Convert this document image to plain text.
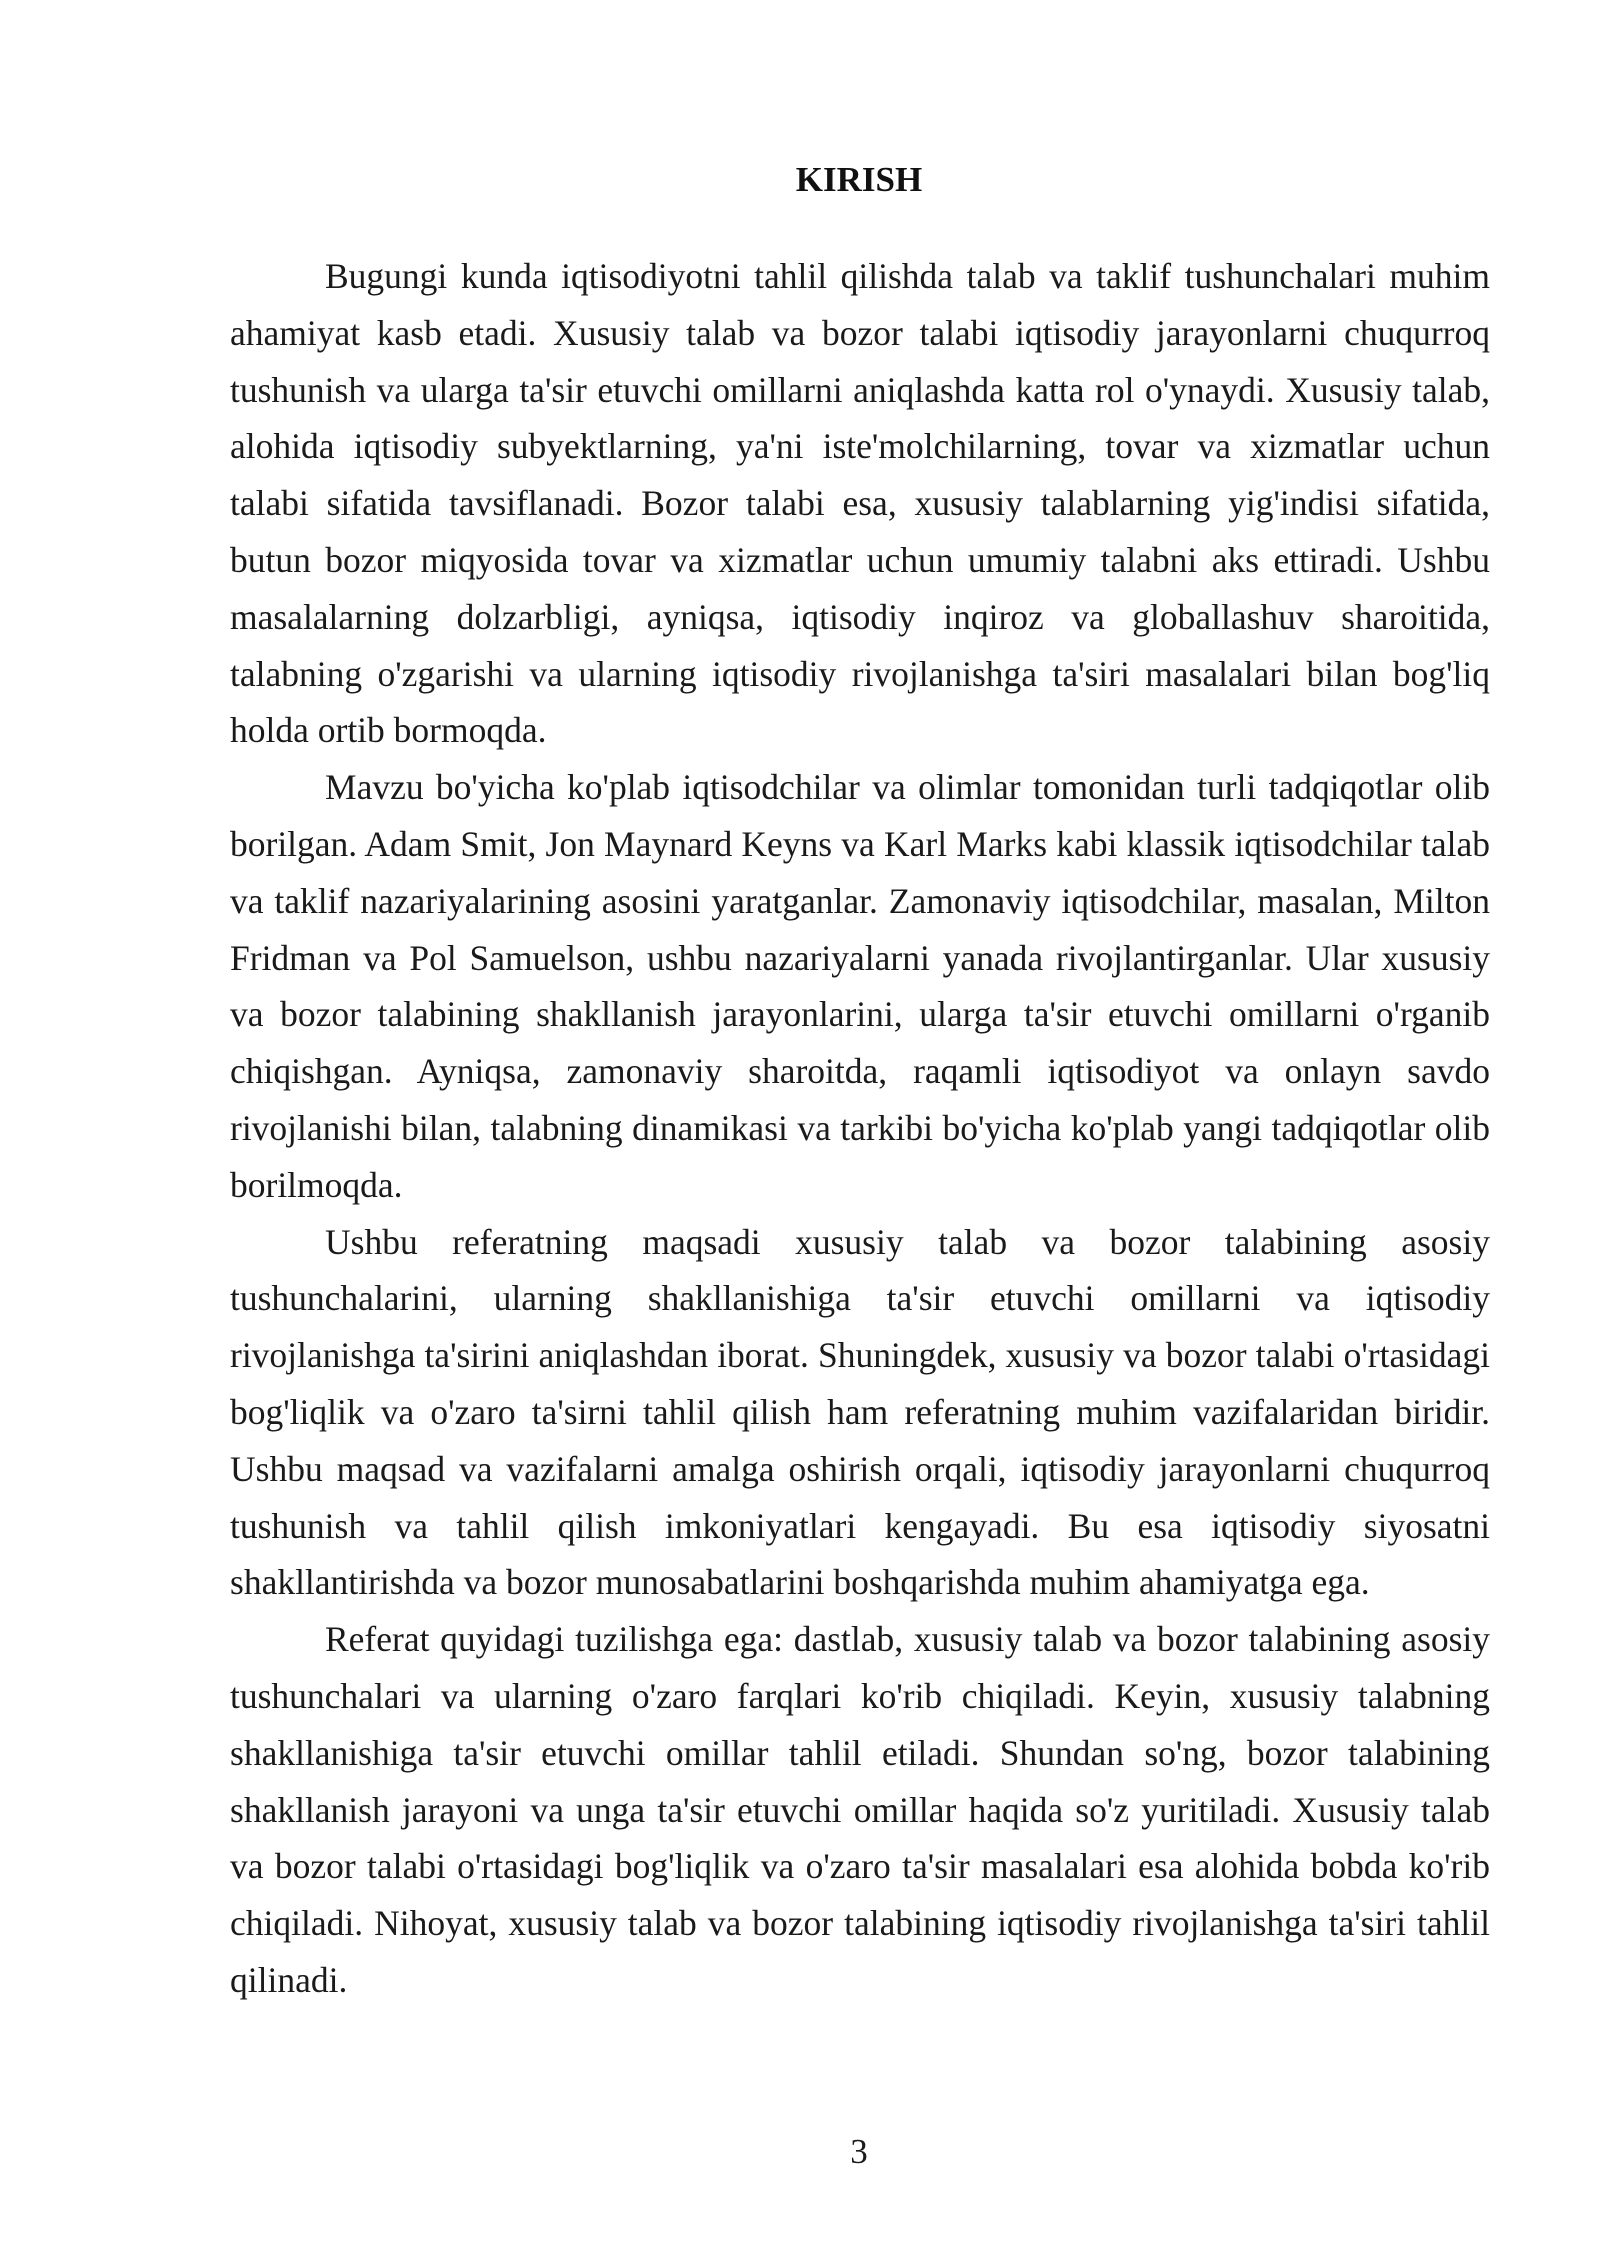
KIRISH

Bugungi kunda iqtisodiyotni tahlil qilishda talab va taklif tushunchalari muhim ahamiyat kasb etadi. Xususiy talab va bozor talabi iqtisodiy jarayonlarni chuqurroq tushunish va ularga ta'sir etuvchi omillarni aniqlashda katta rol o'ynaydi. Xususiy talab, alohida iqtisodiy subyektlarning, ya'ni iste'molchilarning, tovar va xizmatlar uchun talabi sifatida tavsiflanadi. Bozor talabi esa, xususiy talablarning yig'indisi sifatida, butun bozor miqyosida tovar va xizmatlar uchun umumiy talabni aks ettiradi. Ushbu masalalarning dolzarbligi, ayniqsa, iqtisodiy inqiroz va globallashuv sharoitida, talabning o'zgarishi va ularning iqtisodiy rivojlanishga ta'siri masalalari bilan bog'liq holda ortib bormoqda.

Mavzu bo'yicha ko'plab iqtisodchilar va olimlar tomonidan turli tadqiqotlar olib borilgan. Adam Smit, Jon Maynard Keyns va Karl Marks kabi klassik iqtisodchilar talab va taklif nazariyalarining asosini yaratganlar. Zamonaviy iqtisodchilar, masalan, Milton Fridman va Pol Samuelson, ushbu nazariyalarni yanada rivojlantirganlar. Ular xususiy va bozor talabining shakllanish jarayonlarini, ularga ta'sir etuvchi omillarni o'rganib chiqishgan. Ayniqsa, zamonaviy sharoitda, raqamli iqtisodiyot va onlayn savdo rivojlanishi bilan, talabning dinamikasi va tarkibi bo'yicha ko'plab yangi tadqiqotlar olib borilmoqda.

Ushbu referatning maqsadi xususiy talab va bozor talabining asosiy tushunchalarini, ularning shakllanishiga ta'sir etuvchi omillarni va iqtisodiy rivojlanishga ta'sirini aniqlashdan iborat. Shuningdek, xususiy va bozor talabi o'rtasidagi bog'liqlik va o'zaro ta'sirni tahlil qilish ham referatning muhim vazifalaridan biridir. Ushbu maqsad va vazifalarni amalga oshirish orqali, iqtisodiy jarayonlarni chuqurroq tushunish va tahlil qilish imkoniyatlari kengayadi. Bu esa iqtisodiy siyosatni shakllantirishda va bozor munosabatlarini boshqarishda muhim ahamiyatga ega.

Referat quyidagi tuzilishga ega: dastlab, xususiy talab va bozor talabining asosiy tushunchalari va ularning o'zaro farqlari ko'rib chiqiladi. Keyin, xususiy talabning shakllanishiga ta'sir etuvchi omillar tahlil etiladi. Shundan so'ng, bozor talabining shakllanish jarayoni va unga ta'sir etuvchi omillar haqida so'z yuritiladi. Xususiy talab va bozor talabi o'rtasidagi bog'liqlik va o'zaro ta'sir masalalari esa alohida bobda ko'rib chiqiladi. Nihoyat, xususiy talab va bozor talabining iqtisodiy rivojlanishga ta'siri tahlil qilinadi.

3
